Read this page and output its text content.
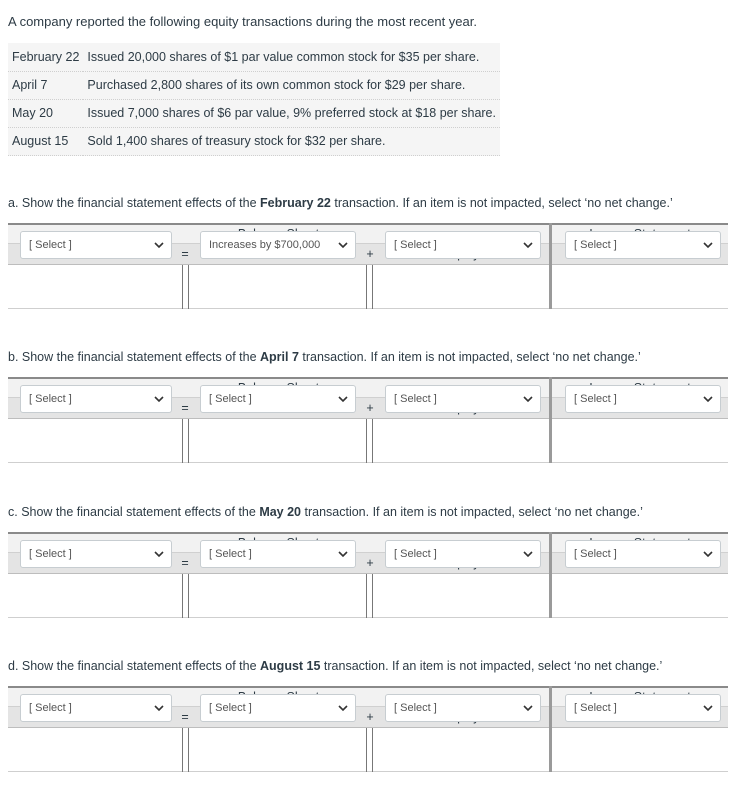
A company reported the following equity transactions during the most recent year.
February 22	Issued 20,000 shares of $1 par value common stock for $35 per share.
April 7	Purchased 2,800 shares of its own common stock for $29 per share.
May 20	Issued 7,000 shares of $6 par value, 9% preferred stock at $18 per share.
August 15	Sold 1,400 shares of treasury stock for $32 per share.
a. Show the financial statement effects of the February 22 transaction. If an item is not impacted, select ‘no net change.’
=	+
[ Select ]	Increases by $700,000	[ Select ]	[ Select ]
b. Show the financial statement effects of the April 7 transaction. If an item is not impacted, select ‘no net change.’
=	+
[ Select ]	[ Select ]	[ Select ]	[ Select ]
c. Show the financial statement effects of the May 20 transaction. If an item is not impacted, select ‘no net change.’
=	+
[ Select ]	[ Select ]	[ Select ]	[ Select ]
d. Show the financial statement effects of the August 15 transaction. If an item is not impacted, select ‘no net change.’
=	+
[ Select ]	[ Select ]	[ Select ]	[ Select ]
